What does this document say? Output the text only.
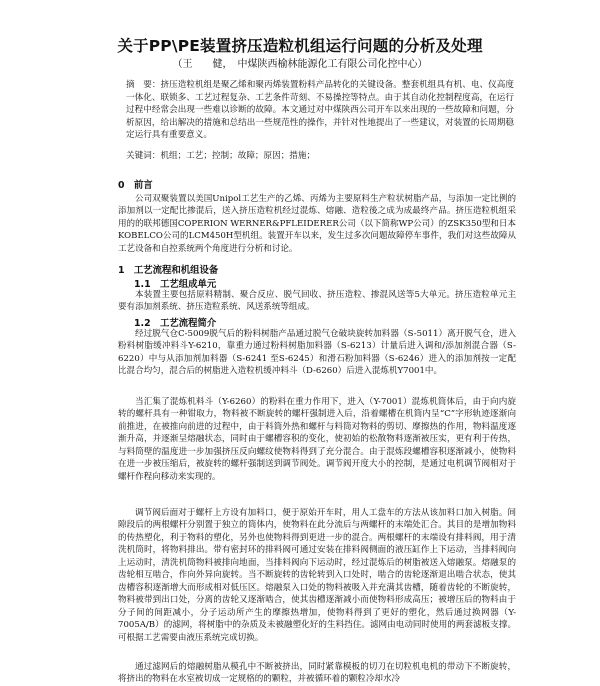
关于PP\PE装置挤压造粒机组运行问题的分析及处理
（王　　健，　中煤陕西榆林能源化工有限公司化控中心）
摘　要：挤压造粒机组是聚乙烯和聚丙烯装置粉料产品转化的关键设备。整套机组具有机、电、仪高度一体化、联锁多、工艺过程复杂、工艺条件苛刻、不易操控等特点。由于其自动化控制程度高，在运行过程中经常会出现一些难以诊断的故障。本文通过对中煤陕西公司开车以来出现的一些故障和问题，分析原因，给出解决的措施和总结出一些规范性的操作，并针对性地提出了一些建议，对装置的长周期稳定运行具有重要意义。
关键词：机组；工艺；控制；故障；原因；措施；
0　前言

公司双聚装置以美国Unipol工艺生产的乙烯、丙烯为主要原料生产粒状树脂产品，与添加一定比例的添加剂以一定配比掺混后，送入挤压造粒机经过混炼、熔融、造粒後之成为成最终产品。挤压造粒机组采用的的联邦德国COPERION WERNER&PFLEIDERER公司（以下简称WP公司）的ZSK350型和日本KOBELCO公司的LCM450H型机组。装置开车以来，发生过多次问题故障停车事件，我们对这些故障从工艺设备和自控系统两个角度进行分析和讨论。

1　工艺流程和机组设备
1.1　工艺组成单元

本装置主要包括原料精制、聚合反应、脱气回收、挤压造粒、掺混风送等5大单元。挤压造粒单元主要有添加剂系统、挤压造粒系统、风送系统等组成。

1.2　工艺流程简介

经过脱气仓C-5009脱气后的粉料树脂产品通过脱气仓破块旋转加料器（S-5011）离开脱气仓，进入粉料树脂缓冲料斗Y-6210，靠重力通过粉料树脂加料器（S-6213）计量后进入调和/添加剂混合器（S-6220）中与从添加剂加料器（S-6241 至S-6245）和滑石粉加料器（S-6246）进入的添加剂按一定配比混合均匀，混合后的树脂进入造粒机缓冲料斗（D-6260）后进入混炼机Y7001中。

当汇集了混炼机料斗（Y-6260）的粉料在重力作用下，进入（Y-7001）混炼机筒体后，由于向内旋转的螺杆具有一种钳取力，物料被不断旋转的螺杆强制进入后，沿着螺槽在机筒内呈“C”字形轨迹逐渐向前推进，在被推向前进的过程中，由于料筒外热和螺杆与料筒对物料的剪切、摩擦热的作用，物料温度逐渐升高，并逐渐呈熔融状态，同时由于螺槽容积的变化，使初始的松散物料逐渐被压实，更有利于传热，与料筒壁的温度进一步加强挤压反向螺纹使物料得到了充分混合。由于混炼段螺槽容积逐渐减小，使物料在进一步被压缩后，被旋转的螺杆强制送到调节阀处。调节阀开度大小的控制，是通过电机调节阀相对于螺杆作程向移动来实现的。

调节阀后面对于螺杆上方设有加料口，便于原始开车时，用人工盘车的方法从该加料口加入树脂。间隙段后的两根螺杆分别置于独立的筒体内，使物料在此分流后与两螺杆的末端处汇合。其目的是增加物料的传热塑化，利于物料的塑化，另外也使物料得到更进一步的混合。两根螺杆的末端设有排料阀，用于清洗机筒时，将物料排出。带有密封环的排料阀可通过安装在排料阀侧面的液压缸作上下运动，当排料阀向上运动时，清洗机筒物料被排向地面，当排料阀向下运动时，经过混炼后的树脂被送入熔融泵。熔融泵的齿轮相互啮合，作向外异向旋转。当不断旋转的齿轮转到入口处时，啮合的齿轮逐渐退出啮合状态，使其齿槽容积逐渐增大而形成相对低压区。熔融泵入口处的物料被吸入并充满其齿槽，随着齿轮的不断旋转，物料被带到出口处，分离的齿轮又逐渐啮合，使其齿槽逐渐减小而使物料形成高压；被增压后的物料由于分子间的间距减小，分子运动所产生的摩擦热增加，使物料得到了更好的塑化，然后通过换网器（Y-7005A/B）的滤网，将树脂中的杂质及未被融塑化好的生料挡住。滤网由电动同时使用的两套滤板支撑。可根据工艺需要由液压系统完成切换。

通过滤网后的熔融树脂从模孔中不断被挤出，同时紧靠模板的切刀在切粒机电机的带动下不断旋转，将挤出的物料在水室被切成一定规格的的颗粒，并被循环着的颗粒冷却水冷
